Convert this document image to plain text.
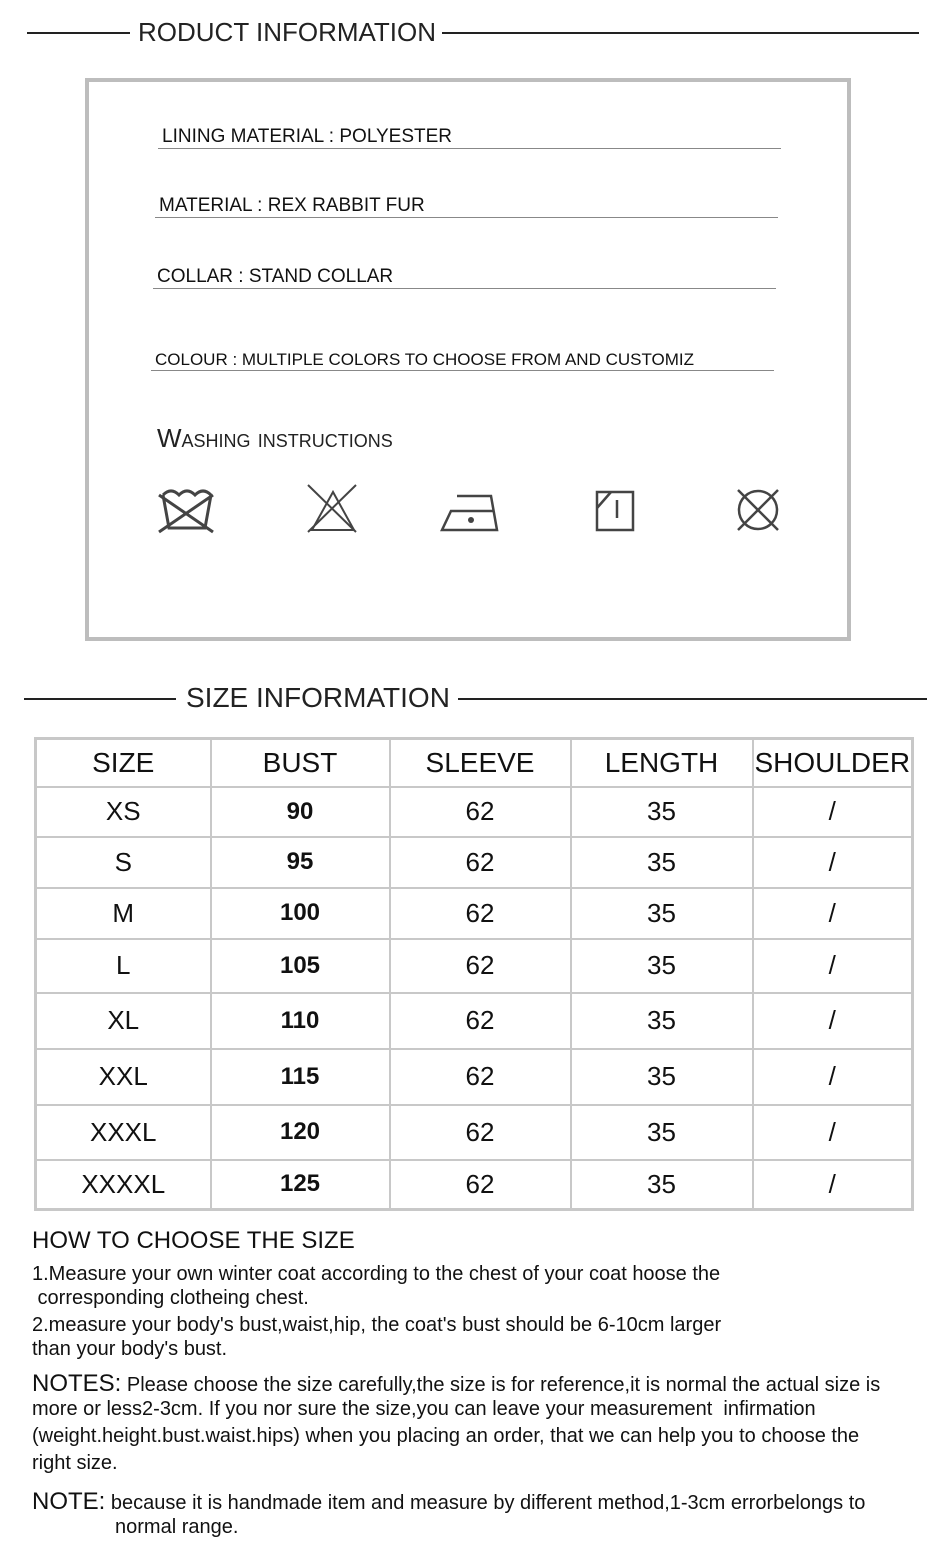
RODUCT INFORMATION
LINING MATERIAL : POLYESTER
MATERIAL : REX RABBIT FUR
COLLAR : STAND COLLAR
COLOUR : MULTIPLE COLORS TO CHOOSE FROM AND CUSTOMIZ
Washing instructions
SIZE INFORMATION
SIZE	BUST	SLEEVE	LENGTH	SHOULDER
XS	90	62	35	/
S	95	62	35	/
M	100	62	35	/
L	105	62	35	/
XL	110	62	35	/
XXL	115	62	35	/
XXXL	120	62	35	/
XXXXL	125	62	35	/
HOW TO CHOOSE THE SIZE
1.Measure your own winter coat according to the chest of your coat hoose the
corresponding clotheing chest.
2.measure your body's bust,waist,hip, the coat's bust should be 6-10cm larger
than your body's bust.
NOTES: Please choose the size carefully,the size is for reference,it is normal the actual size is
more or less2-3cm. If you nor sure the size,you can leave your measurement  infirmation
(weight.height.bust.waist.hips) when you placing an order, that we can help you to choose the
right size.
NOTE: because it is handmade item and measure by different method,1-3cm errorbelongs to
normal range.
